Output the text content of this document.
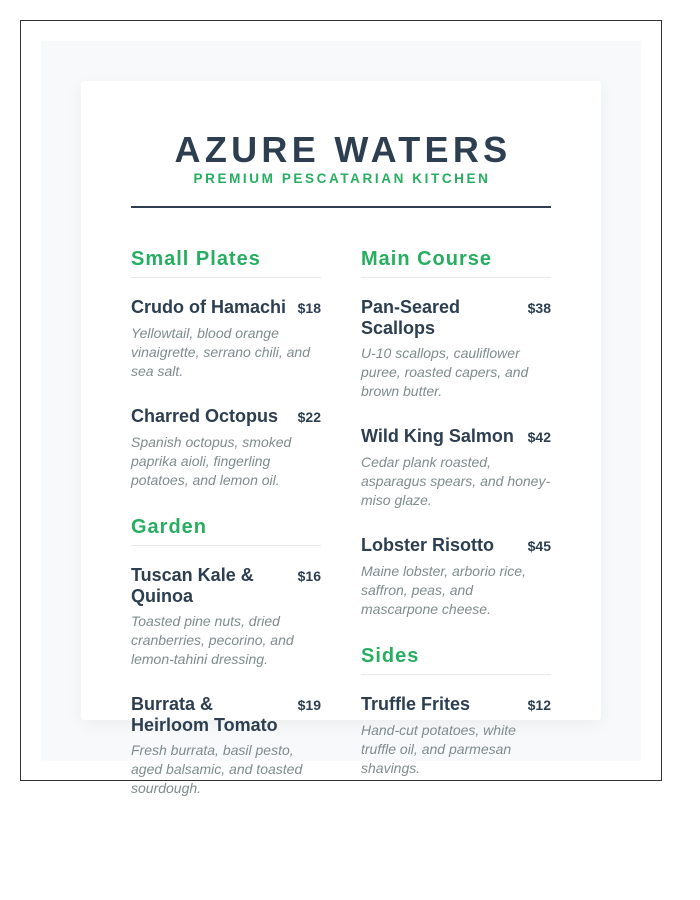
AZURE WATERS
PREMIUM PESCATARIAN KITCHEN
Small Plates
Crudo of Hamachi $18
Yellowtail, blood orange vinaigrette, serrano chili, and sea salt.
Charred Octopus $22
Spanish octopus, smoked paprika aioli, fingerling potatoes, and lemon oil.
Garden
Tuscan Kale & Quinoa
$16
Toasted pine nuts, dried cranberries, pecorino, and lemon-tahini dressing.
Burrata & Heirloom Tomato
$19
Fresh burrata, basil pesto, aged balsamic, and toasted sourdough.
Main Course
Pan-Seared Scallops
$38
U-10 scallops, cauliflower puree, roasted capers, and brown butter.
Wild King Salmon $42
Cedar plank roasted, asparagus spears, and honey-miso glaze.
Lobster Risotto $45
Maine lobster, arborio rice, saffron, peas, and mascarpone cheese.
Sides
Truffle Frites	$12
Hand-cut potatoes, white truffle oil, and parmesan shavings.
